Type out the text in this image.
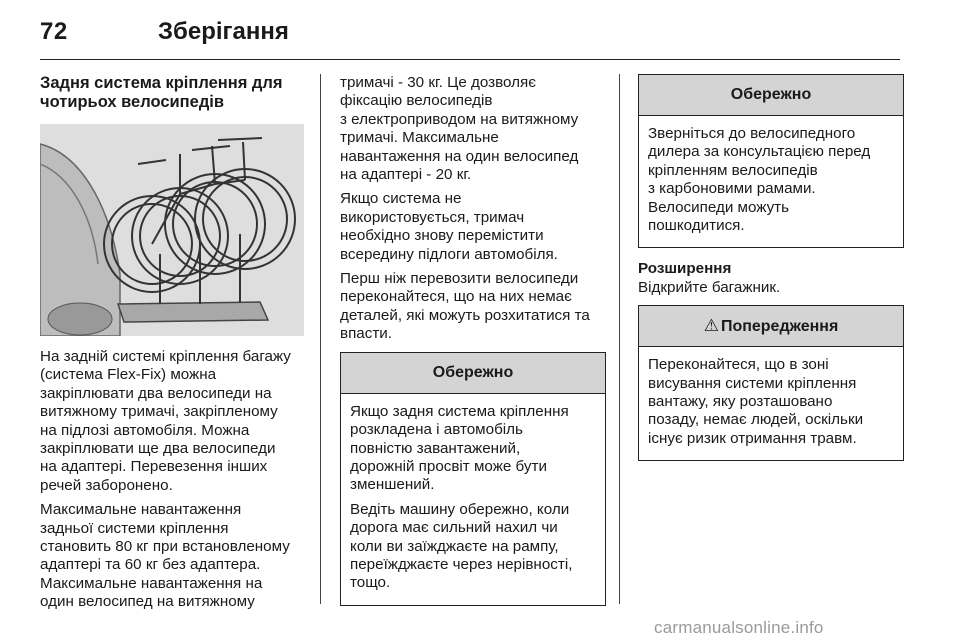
72	Зберігання

Задня система кріплення для
чотирьох велосипедів

На задній системі кріплення багажу
(система Flex-Fix) можна
закріплювати два велосипеди на
витяжному тримачі, закріпленому
на підлозі автомобіля. Можна
закріплювати ще два велосипеди
на адаптері. Перевезення інших
речей заборонено.

Максимальне навантаження
задньої системи кріплення
становить 80 кг при встановленому
адаптері та 60 кг без адаптера.
Максимальне навантаження на
один велосипед на витяжному

тримачі - 30 кг. Це дозволяє
фіксацію велосипедів
з електроприводом на витяжному
тримачі. Максимальне
навантаження на один велосипед
на адаптері - 20 кг.

Якщо система не
використовується, тримач
необхідно знову перемістити
всередину підлоги автомобіля.

Перш ніж перевозити велосипеди
переконайтеся, що на них немає
деталей, які можуть розхитатися та
впасти.

Обережно

Якщо задня система кріплення
розкладена і автомобіль
повністю завантажений,
дорожній просвіт може бути
зменшений.

Ведіть машину обережно, коли
дорога має сильний нахил чи
коли ви заїжджаєте на рампу,
переїжджаєте через нерівності,
тощо.

Обережно

Зверніться до велосипедного
дилера за консультацією перед
кріпленням велосипедів
з карбоновими рамами.
Велосипеди можуть
пошкодитися.

Розширення

Відкрийте багажник.

⚠ Попередження

Переконайтеся, що в зоні
висування системи кріплення
вантажу, яку розташовано
позаду, немає людей, оскільки
існує ризик отримання травм.

carmanualsonline.info
